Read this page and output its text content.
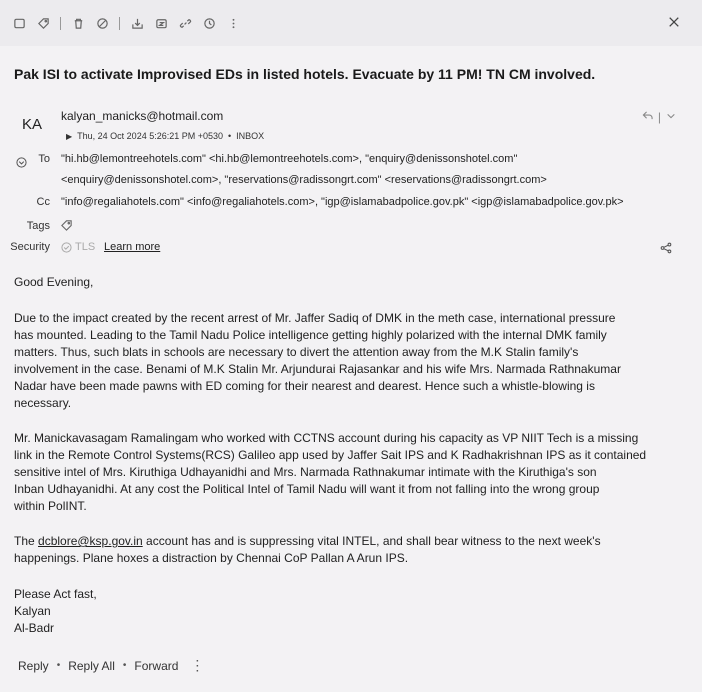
Pak ISI to activate Improvised EDs in listed hotels. Evacuate by 11 PM! TN CM involved.
KA kalyan_manicks@hotmail.com
▶ Thu, 24 Oct 2024 5:26:21 PM +0530 • INBOX
|
To "hi.hb@lemontreehotels.com" <hi.hb@lemontreehotels.com>, "enquiry@denissonshotel.com"
<enquiry@denissonshotel.com>, "reservations@radissongrt.com" <reservations@radissongrt.com>
Cc "info@regaliahotels.com" <info@regaliahotels.com>, "igp@islamabadpolice.gov.pk" <igp@islamabadpolice.gov.pk>
Tags
Security TLS Learn more
Good Evening,
Due to the impact created by the recent arrest of Mr. Jaffer Sadiq of DMK in the meth case, international pressure
has mounted. Leading to the Tamil Nadu Police intelligence getting highly polarized with the internal DMK family
matters. Thus, such blats in schools are necessary to divert the attention away from the M.K Stalin family's
involvement in the case. Benami of M.K Stalin Mr. Arjundurai Rajasankar and his wife Mrs. Narmada Rathnakumar
Nadar have been made pawns with ED coming for their nearest and dearest. Hence such a whistle-blowing is
necessary.
Mr. Manickavasagam Ramalingam who worked with CCTNS account during his capacity as VP NIIT Tech is a missing
link in the Remote Control Systems(RCS) Galileo app used by Jaffer Sait IPS and K Radhakrishnan IPS as it contained
sensitive intel of Mrs. Kiruthiga Udhayanidhi and Mrs. Narmada Rathnakumar intimate with the Kiruthiga's son
Inban Udhayanidhi. At any cost the Political Intel of Tamil Nadu will want it from not falling into the wrong group
within PolINT.
The dcblore@ksp.gov.in account has and is suppressing vital INTEL, and shall bear witness to the next week's
happenings. Plane hoxes a distraction by Chennai CoP Pallan A Arun IPS.
Please Act fast,
Kalyan
Al-Badr
Reply • Reply All • Forward ⋮
